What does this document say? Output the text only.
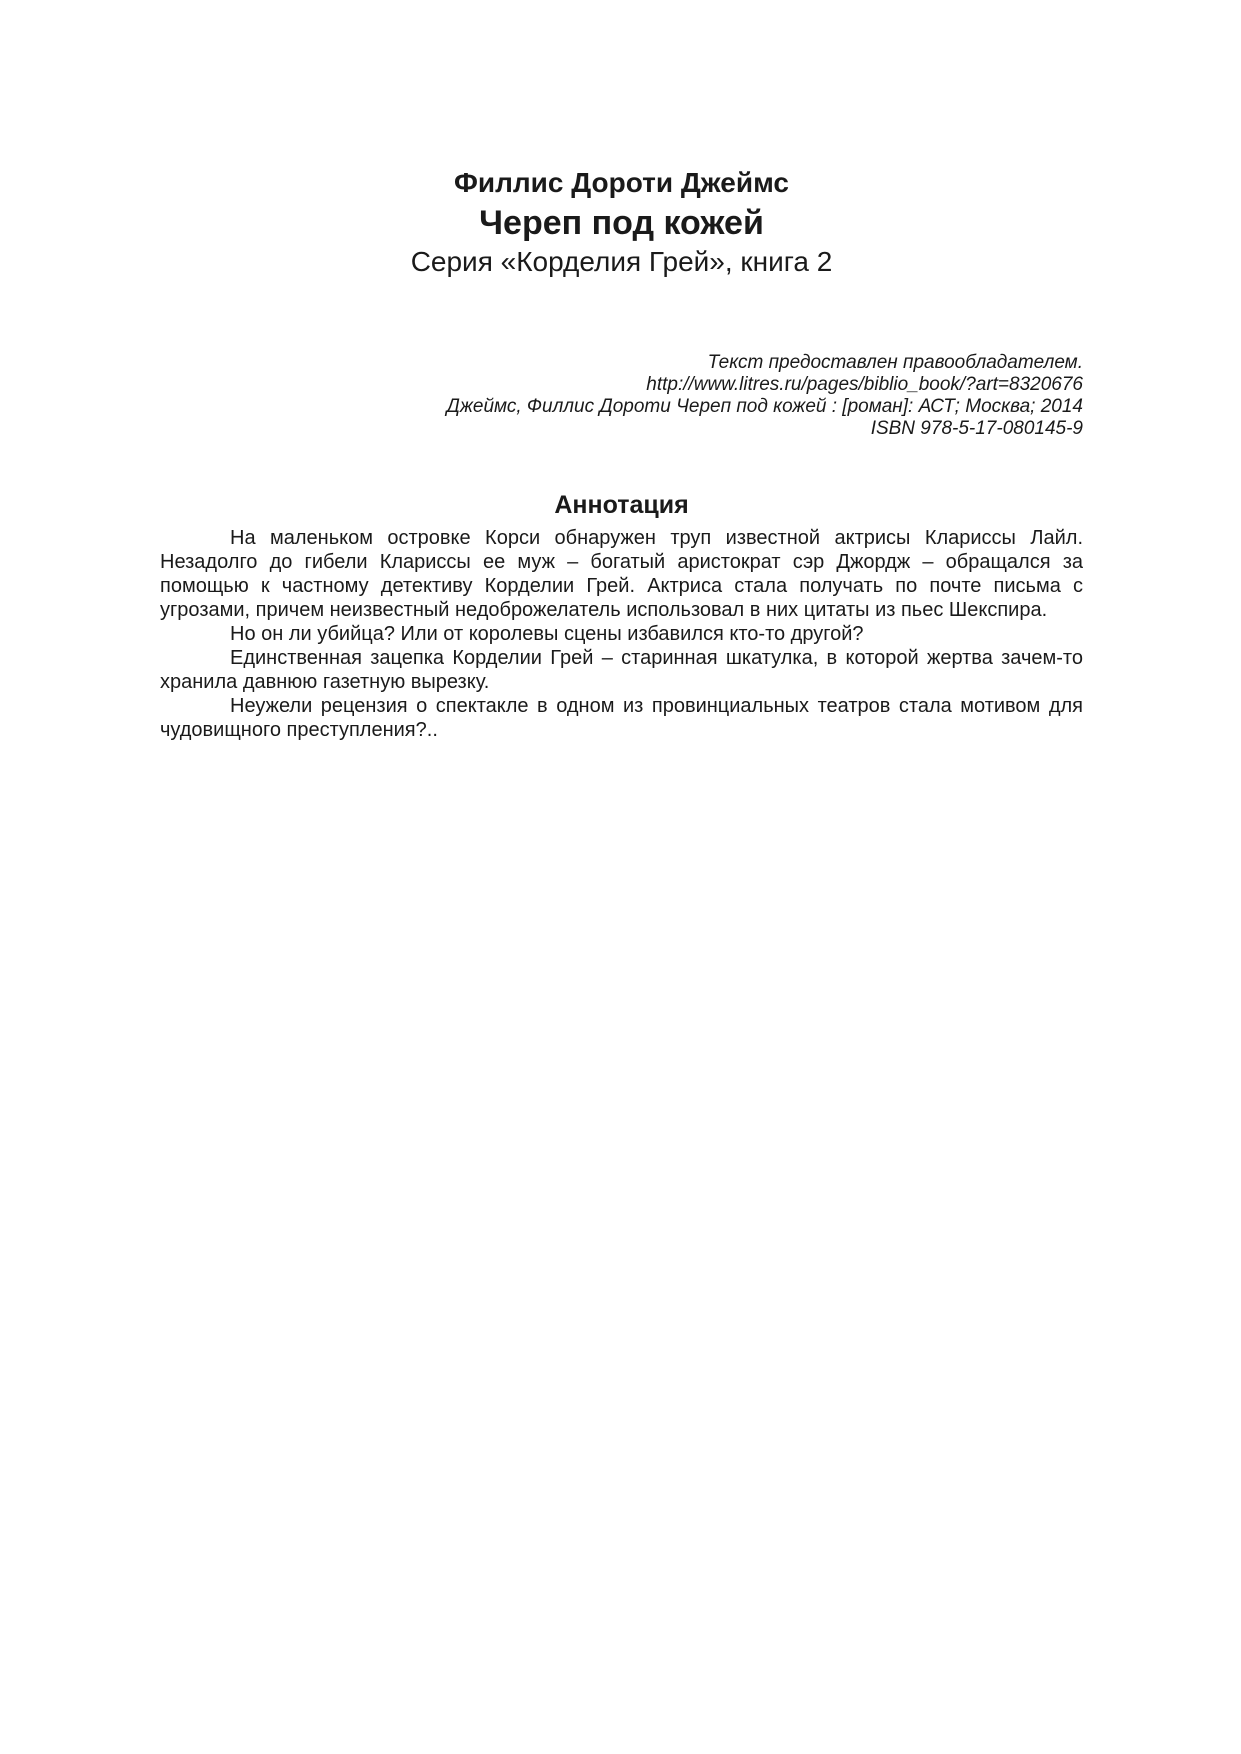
Филлис Дороти Джеймс
Череп под кожей
Серия «Корделия Грей», книга 2
Текст предоставлен правообладателем.
http://www.litres.ru/pages/biblio_book/?art=8320676
Джеймс, Филлис Дороти Череп под кожей : [роман]: АСТ; Москва; 2014
ISBN 978-5-17-080145-9
Аннотация

На маленьком островке Корси обнаружен труп известной актрисы Клариссы Лайл. Незадолго до гибели Клариссы ее муж – богатый аристократ сэр Джордж – обращался за помощью к частному детективу Корделии Грей. Актриса стала получать по почте письма с угрозами, причем неизвестный недоброжелатель использовал в них цитаты из пьес Шекспира.

Но он ли убийца? Или от королевы сцены избавился кто-то другой?

Единственная зацепка Корделии Грей – старинная шкатулка, в которой жертва зачем-то хранила давнюю газетную вырезку.

Неужели рецензия о спектакле в одном из провинциальных театров стала мотивом для чудовищного преступления?..
